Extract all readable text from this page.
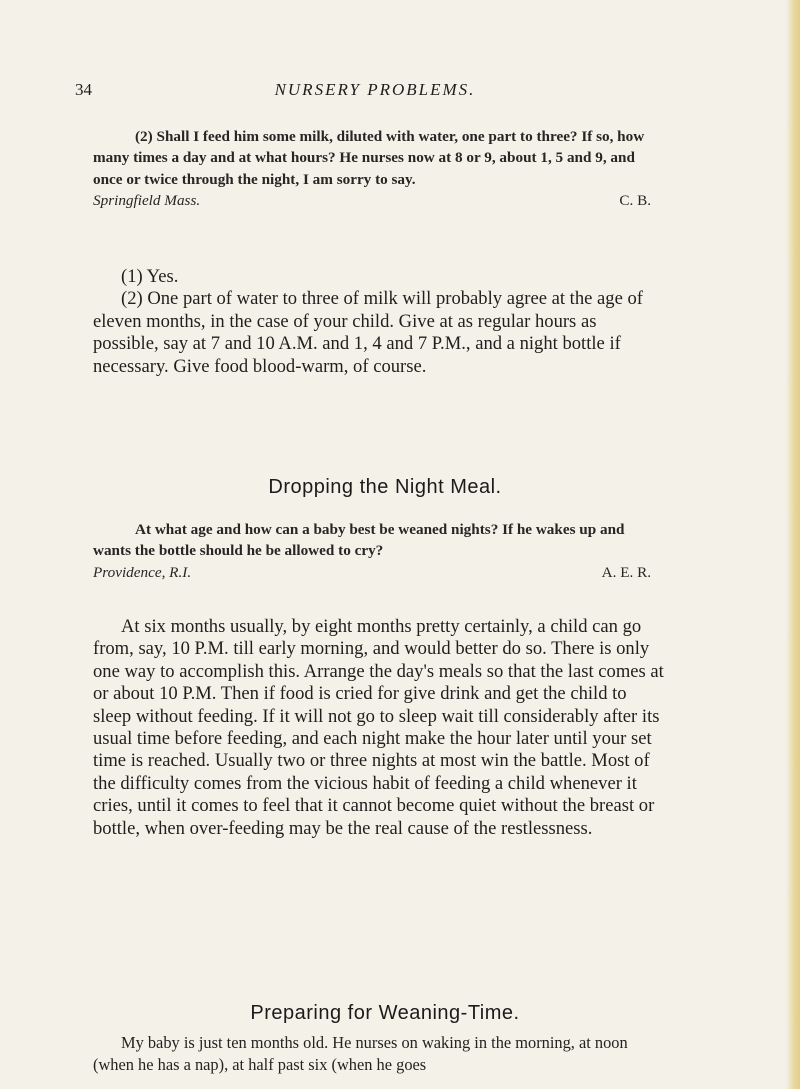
34	NURSERY PROBLEMS.

(2) Shall I feed him some milk, diluted with water, one part to three? If so, how many times a day and at what hours? He nurses now at 8 or 9, about 1, 5 and 9, and once or twice through the night, I am sorry to say.

Springfield Mass.	C. B.

(1) Yes.

(2) One part of water to three of milk will probably agree at the age of eleven months, in the case of your child. Give at as regular hours as possible, say at 7 and 10 A.M. and 1, 4 and 7 P.M., and a night bottle if necessary. Give food blood-warm, of course.

Dropping the Night Meal.

At what age and how can a baby best be weaned nights? If he wakes up and wants the bottle should he be allowed to cry?

Providence, R.I.	A. E. R.

At six months usually, by eight months pretty certainly, a child can go from, say, 10 P.M. till early morning, and would better do so. There is only one way to accomplish this. Arrange the day's meals so that the last comes at or about 10 P.M. Then if food is cried for give drink and get the child to sleep without feeding. If it will not go to sleep wait till considerably after its usual time before feeding, and each night make the hour later until your set time is reached. Usually two or three nights at most win the battle. Most of the difficulty comes from the vicious habit of feeding a child whenever it cries, until it comes to feel that it cannot become quiet without the breast or bottle, when over-feeding may be the real cause of the restlessness.

Preparing for Weaning-Time.

My baby is just ten months old. He nurses on waking in the morning, at noon (when he has a nap), at half past six (when he goes
